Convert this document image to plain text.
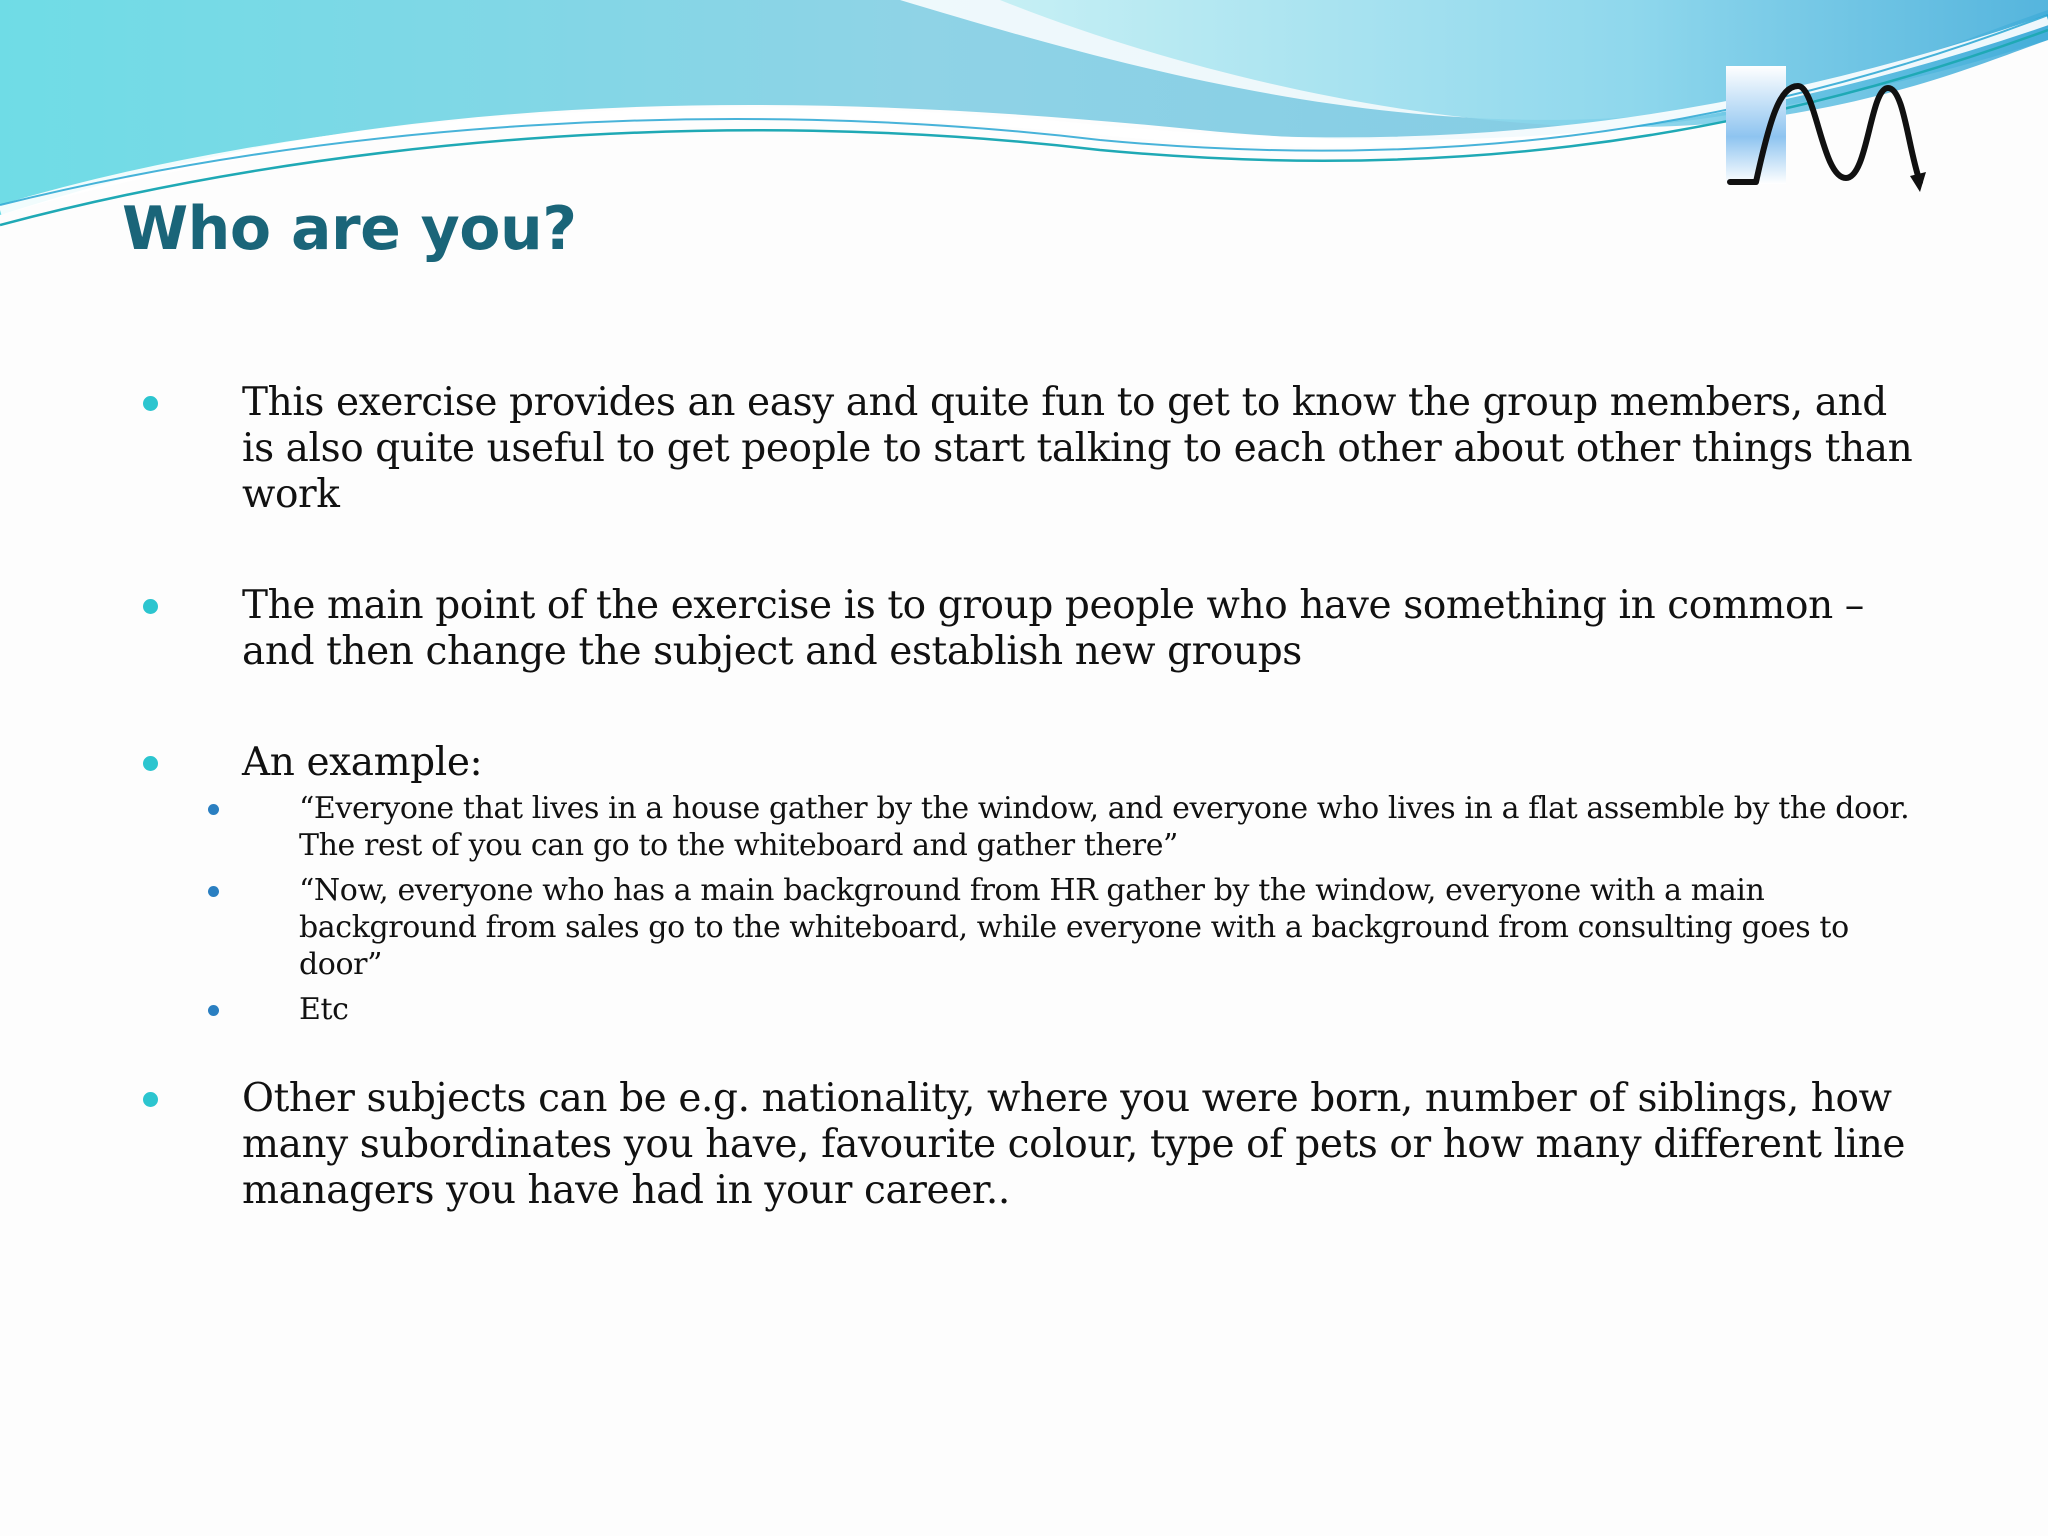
Who are you?
This exercise provides an easy and quite fun to get to know the group members, and is also quite useful to get people to start talking to each other about other things than work
The main point of the exercise is to group people who have something in common – and then change the subject and establish new groups
An example:
“Everyone that lives in a house gather by the window, and everyone who lives in a flat assemble by the door. The rest of you can go to the whiteboard and gather there”
“Now, everyone who has a main background from HR gather by the window, everyone with a main background from sales go to the whiteboard, while everyone with a background from consulting goes to door”
Etc
Other subjects can be e.g. nationality, where you were born, number of siblings, how many subordinates you have, favourite colour, type of pets or how many different line managers you have had in your career..
